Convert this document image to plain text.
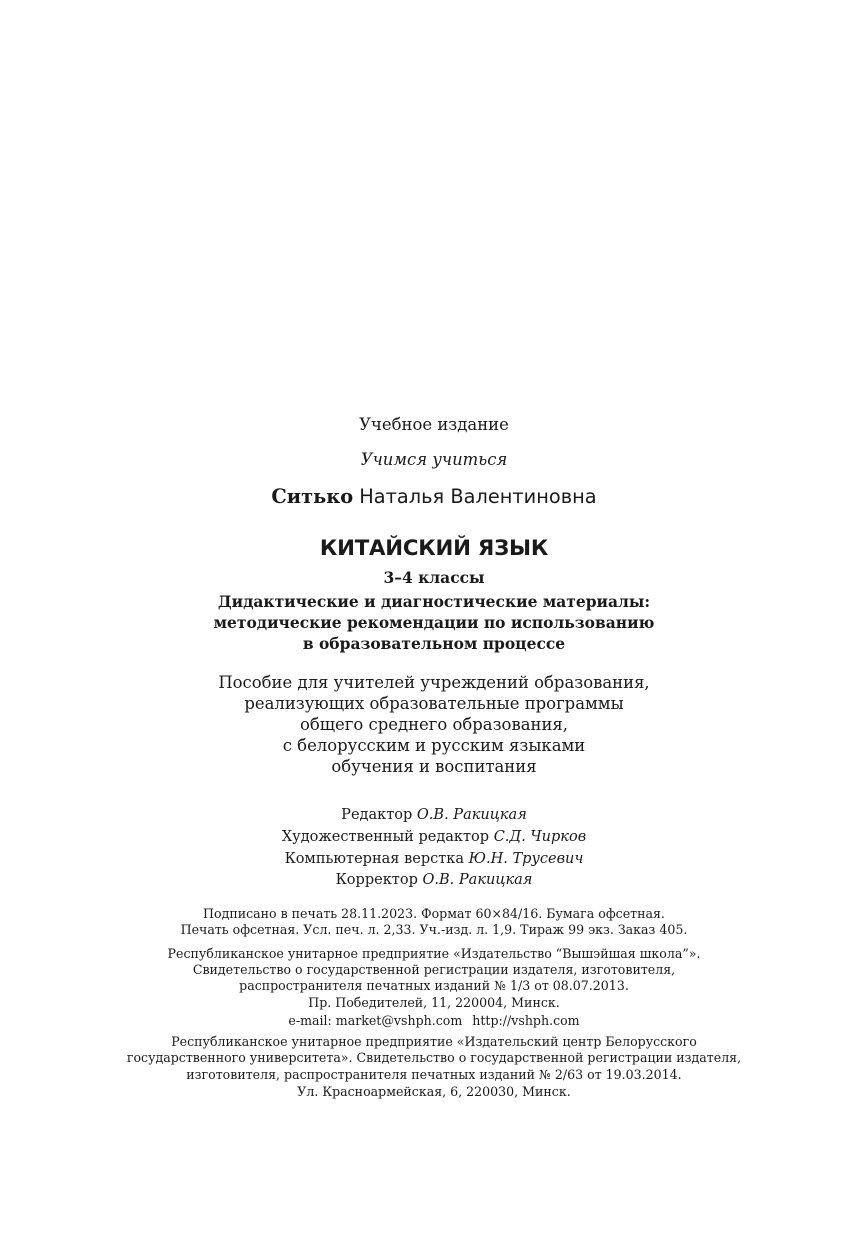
Учебное издание
Учимся учиться
Ситько Наталья Валентиновна
КИТАЙСКИЙ ЯЗЫК
3–4 классы
Дидактические и диагностические материалы:
методические рекомендации по использованию
в образовательном процессе
Пособие для учителей учреждений образования,
реализующих образовательные программы
общего среднего образования,
с белорусским и русским языками
обучения и воспитания
Редактор О.В. Ракицкая
Художественный редактор С.Д. Чирков
Компьютерная верстка Ю.Н. Трусевич
Корректор О.В. Ракицкая
Подписано в печать 28.11.2023. Формат 60×84/16. Бумага офсетная.
Печать офсетная. Усл. печ. л. 2,33. Уч.-изд. л. 1,9. Тираж 99 экз. Заказ 405.
Республиканское унитарное предприятие «Издательство “Вышэйшая школа”».
Свидетельство о государственной регистрации издателя, изготовителя,
распространителя печатных изданий № 1/3 от 08.07.2013.
Пр. Победителей, 11, 220004, Минск.
e-mail: market@vshph.com http://vshph.com
Республиканское унитарное предприятие «Издательский центр Белорусского
государственного университета». Свидетельство о государственной регистрации издателя,
изготовителя, распространителя печатных изданий № 2/63 от 19.03.2014.
Ул. Красноармейская, 6, 220030, Минск.
